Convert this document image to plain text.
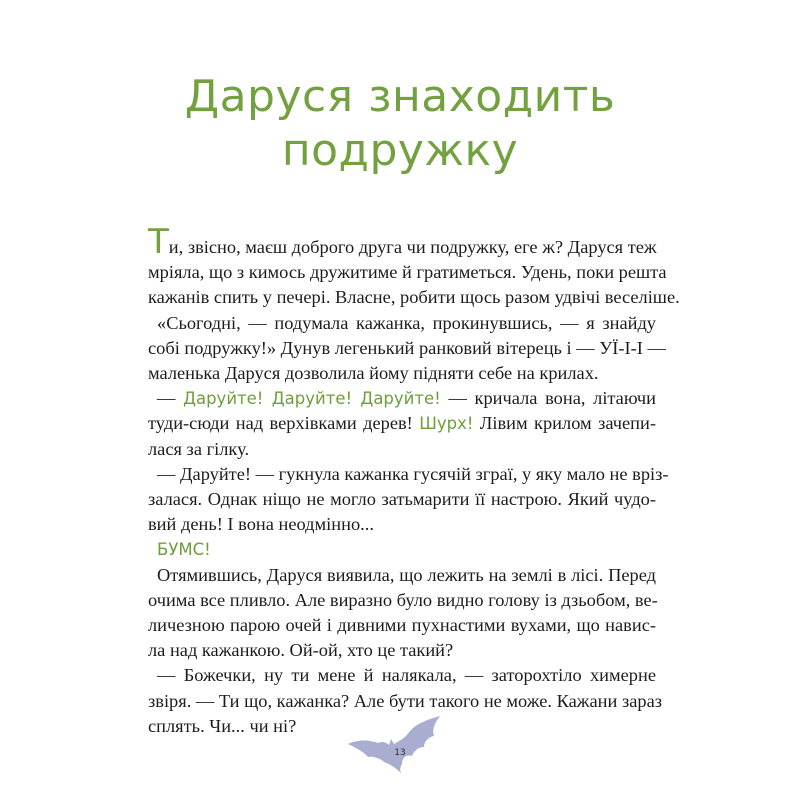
Даруся знаходить
подружку
Ти, звісно, маєш доброго друга чи подружку, еге ж? Даруся теж
мріяла, що з кимось дружитиме й гратиметься. Удень, поки решта
кажанів спить у печері. Власне, робити щось разом удвічі веселіше.
«Сьогодні, — подумала кажанка, прокинувшись, — я знайду
собі подружку!» Дунув легенький ранковий вітерець і — УЇ-І-І —
маленька Даруся дозволила йому підняти себе на крилах.
— Даруйте! Даруйте! Даруйте! — кричала вона, літаючи
туди-сюди над верхівками дерев! Шурх! Лівим крилом зачепи-
лася за гілку.
— Даруйте! — гукнула кажанка гусячій зграї, у яку мало не вріз-
залася. Однак ніщо не могло затьмарити її настрою. Який чудо-
вий день! І вона неодмінно...
БУМС!
Отямившись, Даруся виявила, що лежить на землі в лісі. Перед
очима все пливло. Але виразно було видно голову із дзьобом, ве-
личезною парою очей і дивними пухнастими вухами, що навис-
ла над кажанкою. Ой-ой, хто це такий?
— Божечки, ну ти мене й налякала, — заторохтіло химерне
звіря. — Ти що, кажанка? Але бути такого не може. Кажани зараз
сплять. Чи... чи ні?
13
